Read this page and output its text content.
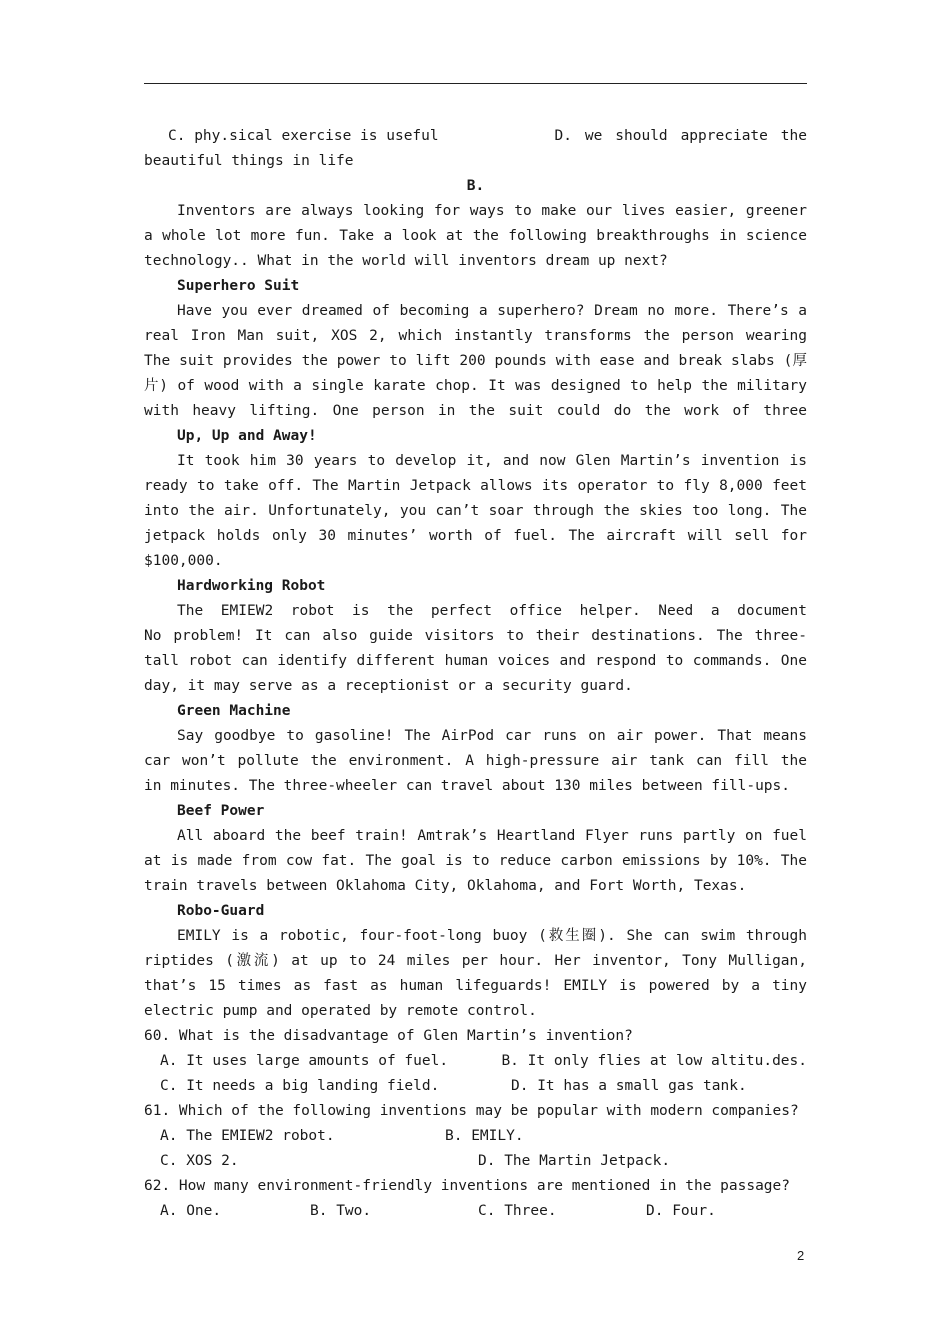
C. phy.sical exercise is useful	D. we should appreciate the
beautiful things in life
B.
Inventors are always looking for ways to make our lives easier, greener
a whole lot more fun. Take a look at the following breakthroughs in science
technology.. What in the world will inventors dream up next?
Superhero Suit
Have you ever dreamed of becoming a superhero? Dream no more. There’s a
real Iron Man suit, XOS 2, which instantly transforms the person wearing
The suit provides the power to lift 200 pounds with ease and break slabs (厚
片) of wood with a single karate chop. It was designed to help the military
with heavy lifting. One person in the suit could do the work of three
Up, Up and Away!
It took him 30 years to develop it, and now Glen Martin’s invention is
ready to take off. The Martin Jetpack allows its operator to fly 8,000 feet
into the air. Unfortunately, you can’t soar through the skies too long. The
jetpack holds only 30 minutes’ worth of fuel. The aircraft will sell for
$100,000.
Hardworking Robot
The EMIEW2 robot is the perfect office helper. Need a document
No problem! It can also guide visitors to their destinations. The three-
tall robot can identify different human voices and respond to commands. One
day, it may serve as a receptionist or a security guard.
Green Machine
Say goodbye to gasoline! The AirPod car runs on air power. That means
car won’t pollute the environment. A high-pressure air tank can fill the
in minutes. The three-wheeler can travel about 130 miles between fill-ups.
Beef Power
All aboard the beef train! Amtrak’s Heartland Flyer runs partly on fuel
at is made from cow fat. The goal is to reduce carbon emissions by 10%. The
train travels between Oklahoma City, Oklahoma, and Fort Worth, Texas.
Robo-Guard
EMILY is a robotic, four-foot-long buoy (救生圈). She can swim through
riptides (激流) at up to 24 miles per hour. Her inventor, Tony Mulligan,
that’s 15 times as fast as human lifeguards! EMILY is powered by a tiny
electric pump and operated by remote control.
60. What is the disadvantage of Glen Martin’s invention?
A. It uses large amounts of fuel.	B. It only flies at low altitu.des.
C. It needs a big landing field.	D. It has a small gas tank.
61. Which of the following inventions may be popular with modern companies?
A. The EMIEW2 robot.	B. EMILY.
C. XOS 2.	D. The Martin Jetpack.
62. How many environment-friendly inventions are mentioned in the passage?
A. One.	B. Two.	C. Three.	D. Four.
2
